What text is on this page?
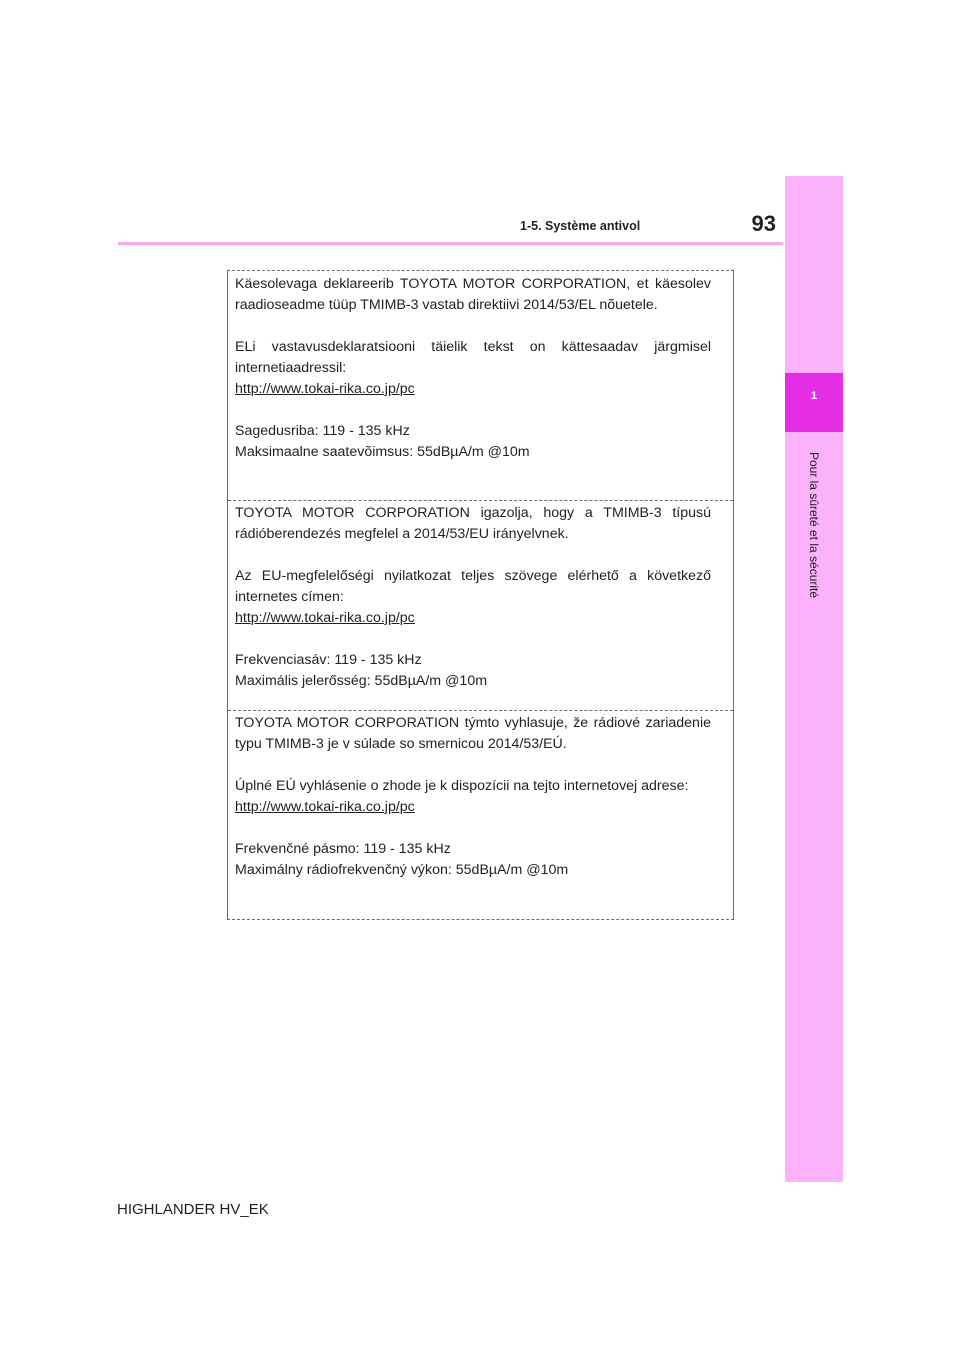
1
Pour la sûreté et la sécurité
1-5. Système antivol	93

Käesolevaga deklareerib TOYOTA MOTOR CORPORATION, et käesolev raadioseadme tüüp TMIMB-3 vastab direktiivi 2014/53/EL nõuetele.

ELi vastavusdeklaratsiooni täielik tekst on kättesaadav järgmisel internetiaadressil:

http://www.tokai-rika.co.jp/pc

Sagedusriba: 119 - 135 kHz

Maksimaalne saatevõimsus: 55dBµA/m @10m

TOYOTA MOTOR CORPORATION igazolja, hogy a TMIMB-3 típusú rádióberendezés megfelel a 2014/53/EU irányelvnek.

Az EU-megfelelőségi nyilatkozat teljes szövege elérhető a következő internetes címen:

http://www.tokai-rika.co.jp/pc

Frekvenciasáv: 119 - 135 kHz

Maximális jelerősség: 55dBµA/m @10m

TOYOTA MOTOR CORPORATION týmto vyhlasuje, že rádiové zariadenie typu TMIMB-3 je v súlade so smernicou 2014/53/EÚ.

Úplné EÚ vyhlásenie o zhode je k dispozícii na tejto internetovej adrese:

http://www.tokai-rika.co.jp/pc

Frekvenčné pásmo: 119 - 135 kHz

Maximálny rádiofrekvenčný výkon: 55dBµA/m @10m

HIGHLANDER HV_EK
